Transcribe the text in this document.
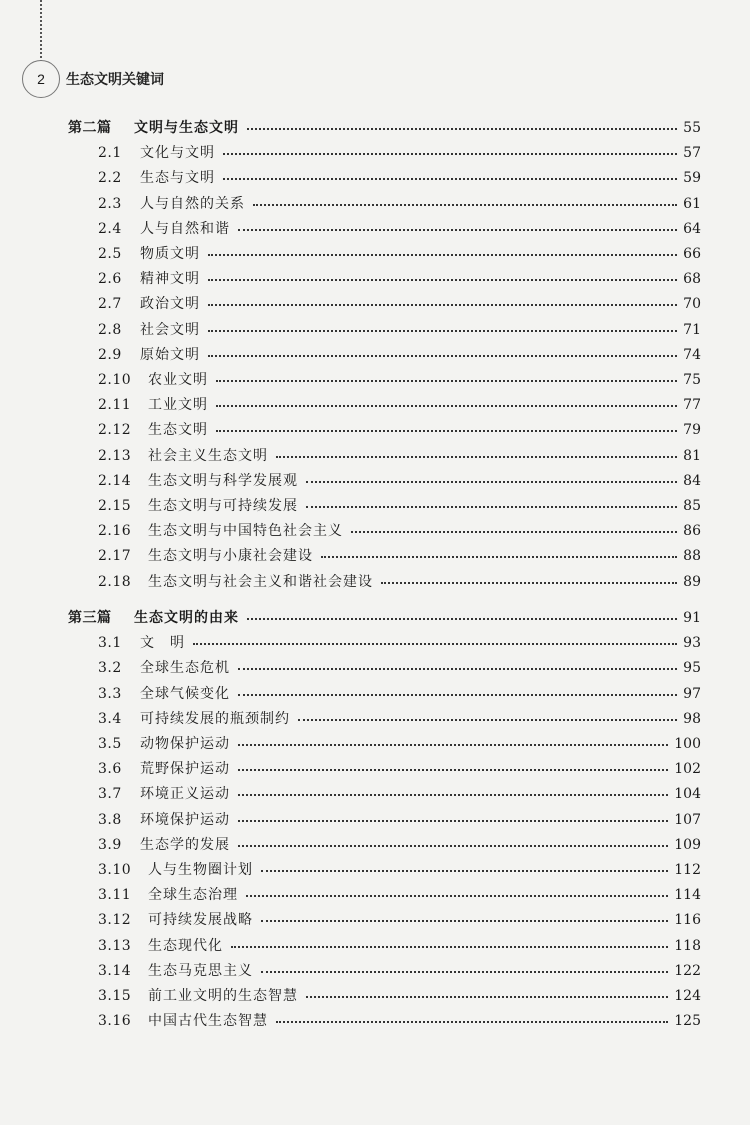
2	生态文明关键词
第二篇 文明与生态文明	55
2.1 文化与文明	57
2.2 生态与文明	59
2.3 人与自然的关系	61
2.4 人与自然和谐	64
2.5 物质文明	66
2.6 精神文明	68
2.7 政治文明	70
2.8 社会文明	71
2.9 原始文明	74
2.10 农业文明	75
2.11 工业文明	77
2.12 生态文明	79
2.13 社会主义生态文明	81
2.14 生态文明与科学发展观	84
2.15 生态文明与可持续发展	85
2.16 生态文明与中国特色社会主义	86
2.17 生态文明与小康社会建设	88
2.18 生态文明与社会主义和谐社会建设	89
第三篇 生态文明的由来	91
3.1 文　明	93
3.2 全球生态危机	95
3.3 全球气候变化	97
3.4 可持续发展的瓶颈制约	98
3.5 动物保护运动	100
3.6 荒野保护运动	102
3.7 环境正义运动	104
3.8 环境保护运动	107
3.9 生态学的发展	109
3.10 人与生物圈计划	112
3.11 全球生态治理	114
3.12 可持续发展战略	116
3.13 生态现代化	118
3.14 生态马克思主义	122
3.15 前工业文明的生态智慧	124
3.16 中国古代生态智慧	125
